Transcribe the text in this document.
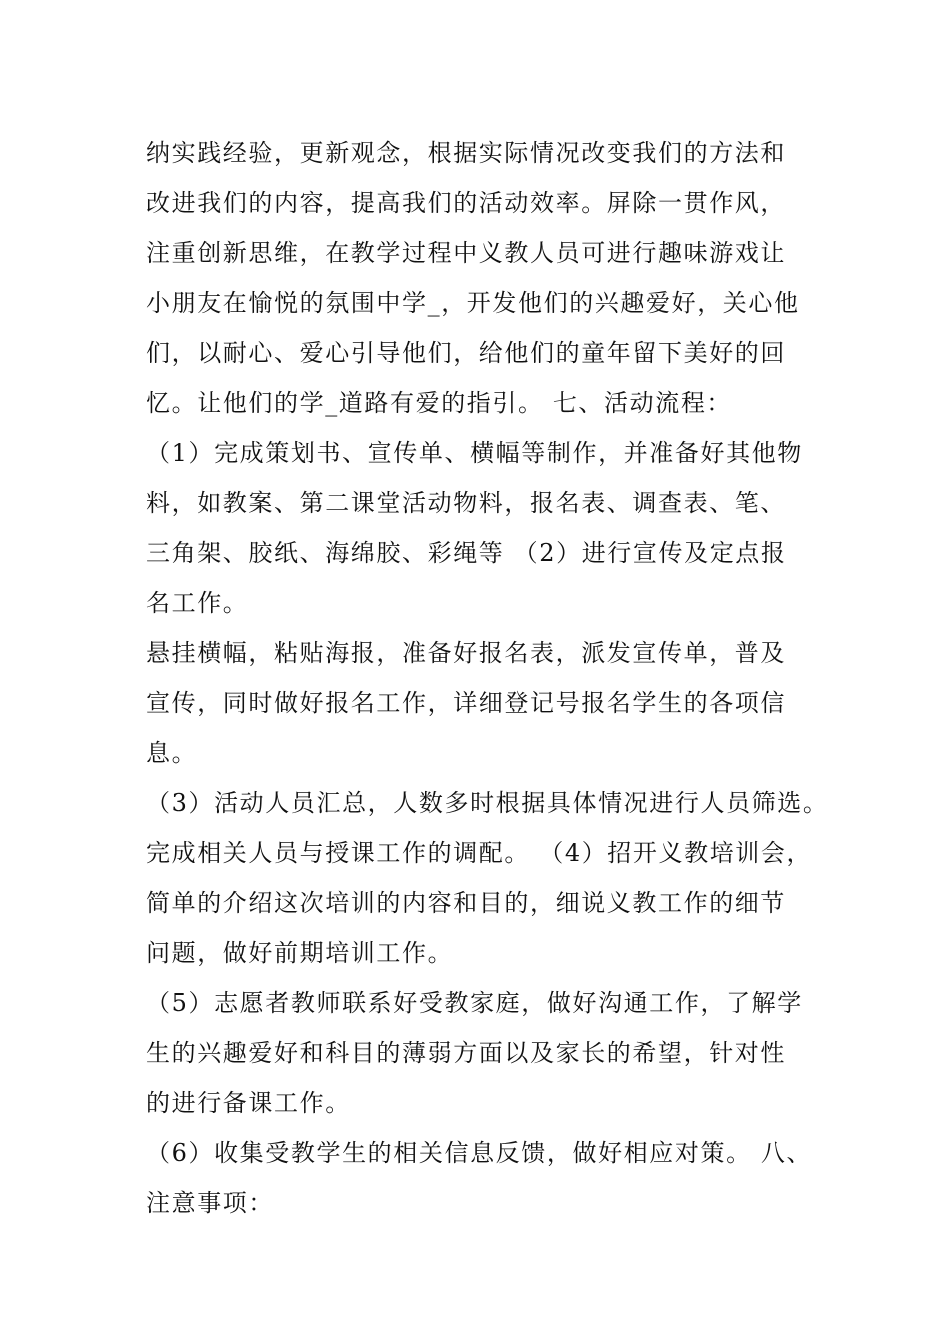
纳实践经验，更新观念，根据实际情况改变我们的方法和
改进我们的内容，提高我们的活动效率。屏除一贯作风，
注重创新思维，在教学过程中义教人员可进行趣味游戏让
小朋友在愉悦的氛围中学_，开发他们的兴趣爱好，关心他
们，以耐心、爱心引导他们，给他们的童年留下美好的回
忆。让他们的学_道路有爱的指引。 七、活动流程：
（1）完成策划书、宣传单、横幅等制作，并准备好其他物
料，如教案、第二课堂活动物料，报名表、调查表、笔、
三角架、胶纸、海绵胶、彩绳等 （2）进行宣传及定点报
名工作。
悬挂横幅，粘贴海报，准备好报名表，派发宣传单，普及
宣传，同时做好报名工作，详细登记号报名学生的各项信
息。
（3）活动人员汇总，人数多时根据具体情况进行人员筛选。
完成相关人员与授课工作的调配。 （4）招开义教培训会，
简单的介绍这次培训的内容和目的，细说义教工作的细节
问题，做好前期培训工作。
（5）志愿者教师联系好受教家庭，做好沟通工作，了解学
生的兴趣爱好和科目的薄弱方面以及家长的希望，针对性
的进行备课工作。
（6）收集受教学生的相关信息反馈，做好相应对策。 八、
注意事项：
